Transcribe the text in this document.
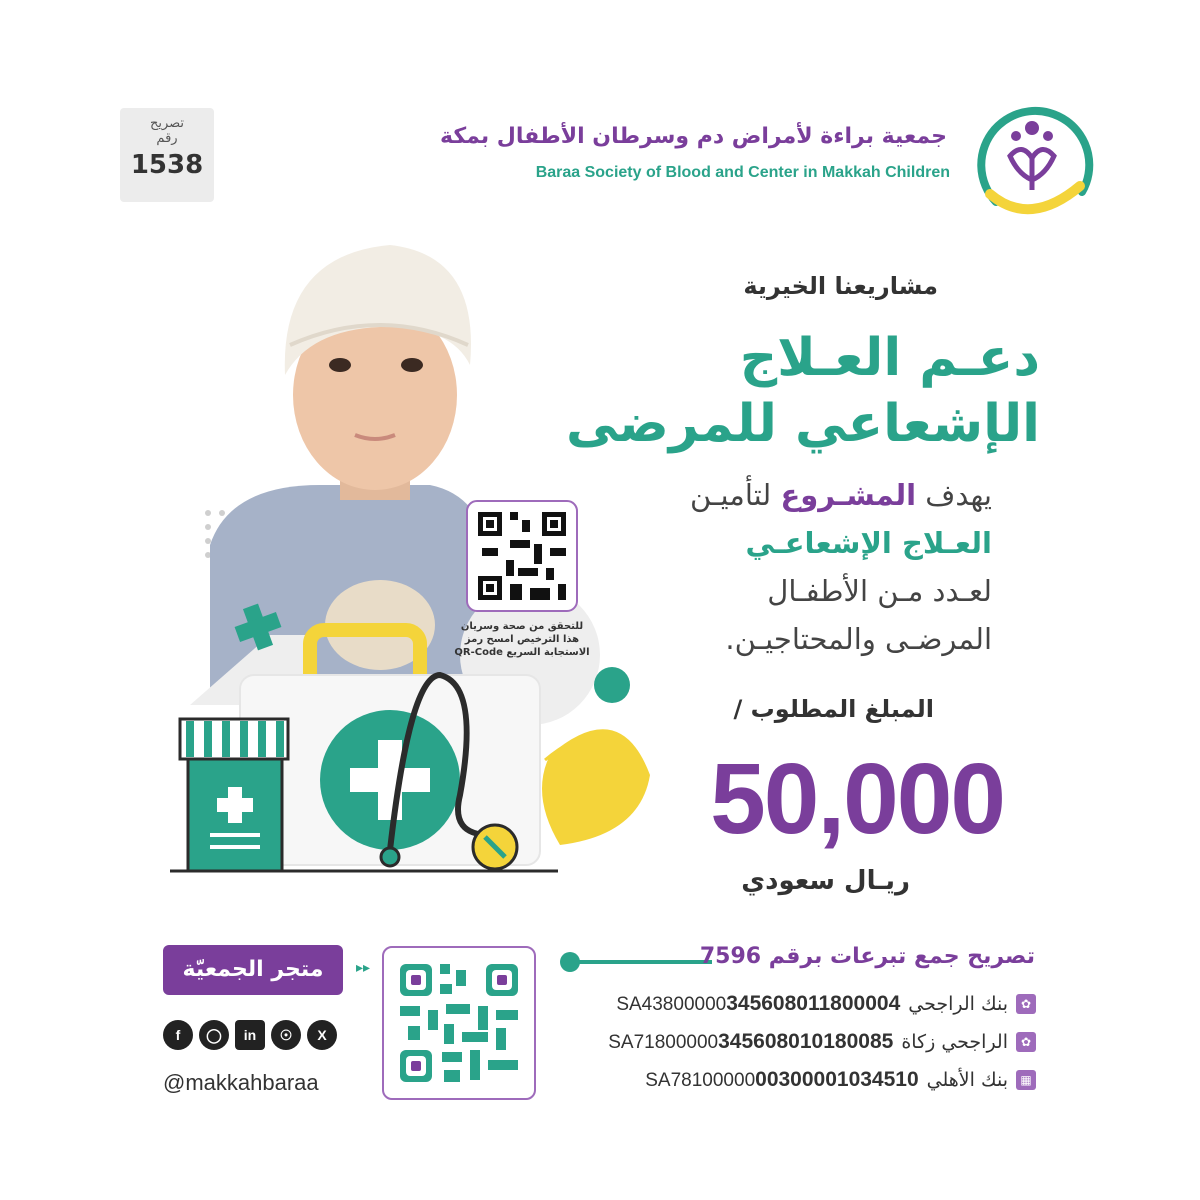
تصريح
رقم
1538
جمعية براءة لأمراض دم وسرطان الأطفال بمكة
Baraa Society of Blood and Center in Makkah Children
للتحقق من صحة وسريان هذا الترخيص امسح رمز الاستجابة السريع QR-Code
مشاريعنا الخيرية
دعـم العـلاج
الإشعاعي للمرضى
يهدف المشـروع لتأميـن
العـلاج الإشعاعـي
لعـدد مـن الأطفـال
المرضـى والمحتاجيـن.
المبلغ المطلوب /
50,000
ريـال سعودي
متجر الجمعيّة	▸▸
f ◯ in ☉ X
@makkahbaraa
تصريح جمع تبرعات برقم 7596
✿
بنك الراجحي
SA43800000345608011800004
✿
الراجحي زكاة
SA71800000345608010180085
▦
بنك الأهلي
SA7810000000300001034510
